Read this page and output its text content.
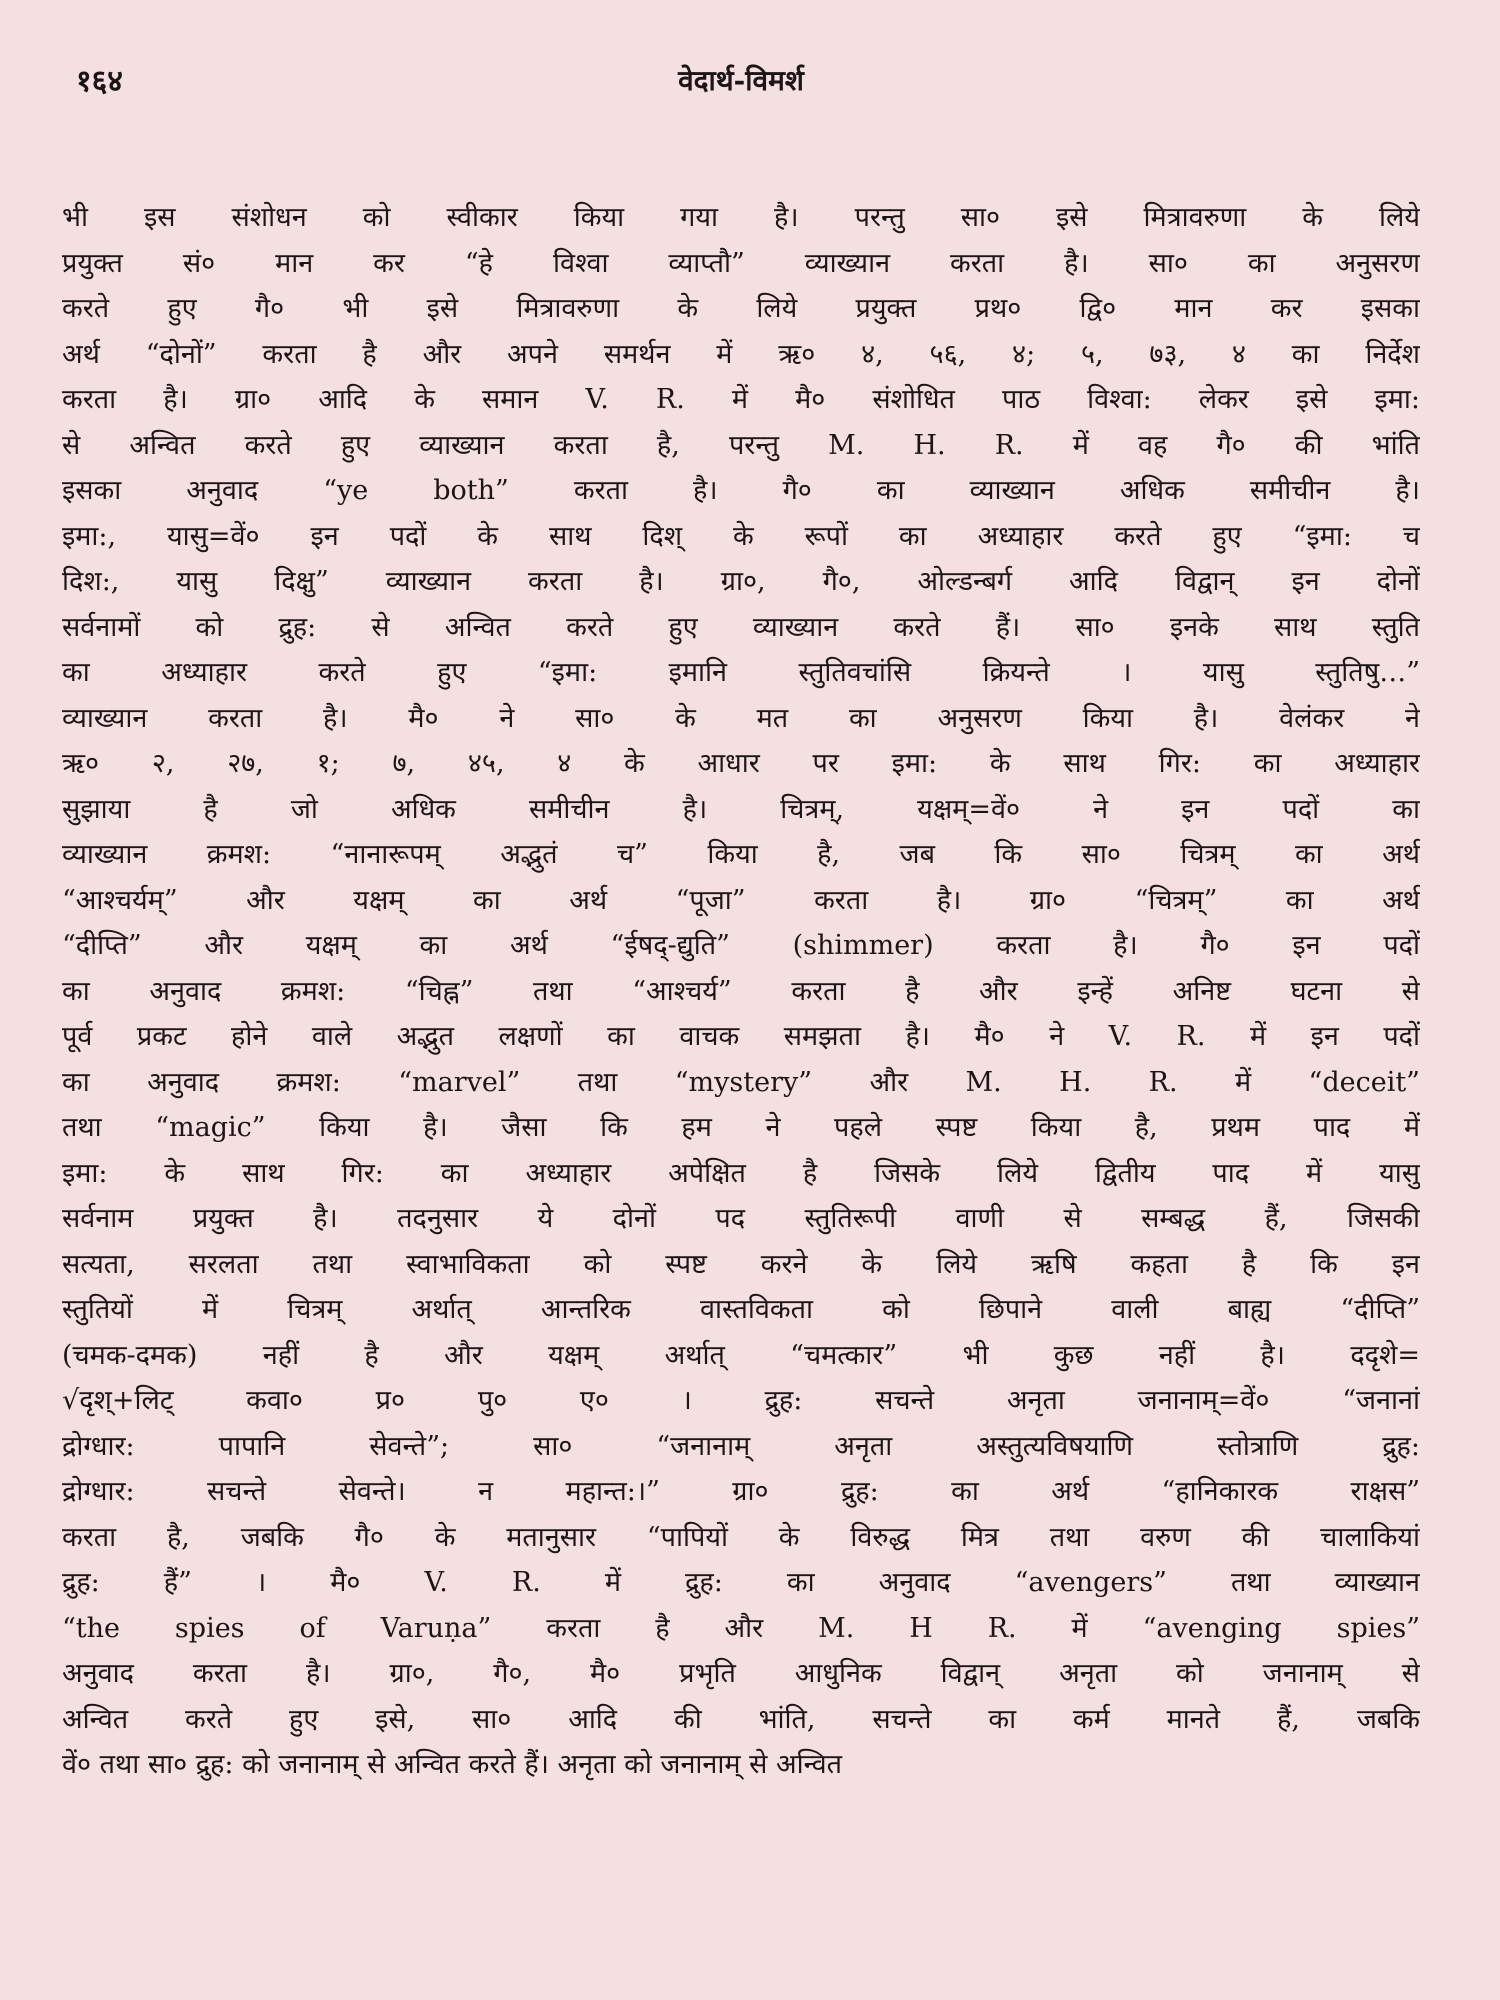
१६४	वेदार्थ-विमर्श
भी इस संशोधन को स्वीकार किया गया है। परन्तु सा० इसे मित्रावरुणा के लिये
प्रयुक्त सं० मान कर “हे विश्वा व्याप्तौ” व्याख्यान करता है। सा० का अनुसरण
करते हुए गै० भी इसे मित्रावरुणा के लिये प्रयुक्त प्रथ० द्वि० मान कर इसका
अर्थ “दोनों” करता है और अपने समर्थन में ऋ० ४, ५६, ४; ५, ७३, ४ का निर्देश
करता है। ग्रा० आदि के समान V. R. में मै० संशोधित पाठ विश्वा: लेकर इसे इमा:
से अन्वित करते हुए व्याख्यान करता है, परन्तु M. H. R. में वह गै० की भांति
इसका अनुवाद “ye both” करता है। गै० का व्याख्यान अधिक समीचीन है।
इमा:, यासु=वें० इन पदों के साथ दिश् के रूपों का अध्याहार करते हुए “इमा: च
दिश:, यासु दिक्षु” व्याख्यान करता है। ग्रा०, गै०, ओल्डन्बर्ग आदि विद्वान् इन दोनों
सर्वनामों को द्रुह: से अन्वित करते हुए व्याख्यान करते हैं। सा० इनके साथ स्तुति
का अध्याहार करते हुए “इमा: इमानि स्तुतिवचांसि क्रियन्ते । यासु स्तुतिषु…”
व्याख्यान करता है। मै० ने सा० के मत का अनुसरण किया है। वेलंकर ने
ऋ० २, २७, १; ७, ४५, ४ के आधार पर इमा: के साथ गिर: का अध्याहार
सुझाया है जो अधिक समीचीन है। चित्रम्, यक्षम्=वें० ने इन पदों का
व्याख्यान क्रमश: “नानारूपम् अद्भुतं च” किया है, जब कि सा० चित्रम् का अर्थ
“आश्चर्यम्” और यक्षम् का अर्थ “पूजा” करता है। ग्रा० “चित्रम्” का अर्थ
“दीप्ति” और यक्षम् का अर्थ “ईषद्-द्युति” (shimmer) करता है। गै० इन पदों
का अनुवाद क्रमश: “चिह्न” तथा “आश्चर्य” करता है और इन्हें अनिष्ट घटना से
पूर्व प्रकट होने वाले अद्भुत लक्षणों का वाचक समझता है। मै० ने V. R. में इन पदों
का अनुवाद क्रमश: “marvel” तथा “mystery” और M. H. R. में “deceit”
तथा “magic” किया है। जैसा कि हम ने पहले स्पष्ट किया है, प्रथम पाद में
इमा: के साथ गिर: का अध्याहार अपेक्षित है जिसके लिये द्वितीय पाद में यासु
सर्वनाम प्रयुक्त है। तदनुसार ये दोनों पद स्तुतिरूपी वाणी से सम्बद्ध हैं, जिसकी
सत्यता, सरलता तथा स्वाभाविकता को स्पष्ट करने के लिये ऋषि कहता है कि इन
स्तुतियों में चित्रम् अर्थात् आन्तरिक वास्तविकता को छिपाने वाली बाह्य “दीप्ति”
(चमक-दमक) नहीं है और यक्षम् अर्थात् “चमत्कार” भी कुछ नहीं है। ददृशे=
√दृश्+लिट् कवा० प्र० पु० ए० । द्रुह: सचन्ते अनृता जनानाम्=वें० “जनानां
द्रोग्धार: पापानि सेवन्ते”; सा० “जनानाम् अनृता अस्तुत्यविषयाणि स्तोत्राणि द्रुह:
द्रोग्धार: सचन्ते सेवन्ते। न महान्त:।” ग्रा० द्रुह: का अर्थ “हानिकारक राक्षस”
करता है, जबकि गै० के मतानुसार “पापियों के विरुद्ध मित्र तथा वरुण की चालाकियां
द्रुह: हैं” । मै० V. R. में द्रुह: का अनुवाद “avengers” तथा व्याख्यान
“the spies of Varuṇa” करता है और M. H R. में “avenging spies”
अनुवाद करता है। ग्रा०, गै०, मै० प्रभृति आधुनिक विद्वान् अनृता को जनानाम् से
अन्वित करते हुए इसे, सा० आदि की भांति, सचन्ते का कर्म मानते हैं, जबकि
वें० तथा सा० द्रुह: को जनानाम् से अन्वित करते हैं। अनृता को जनानाम् से अन्वित
